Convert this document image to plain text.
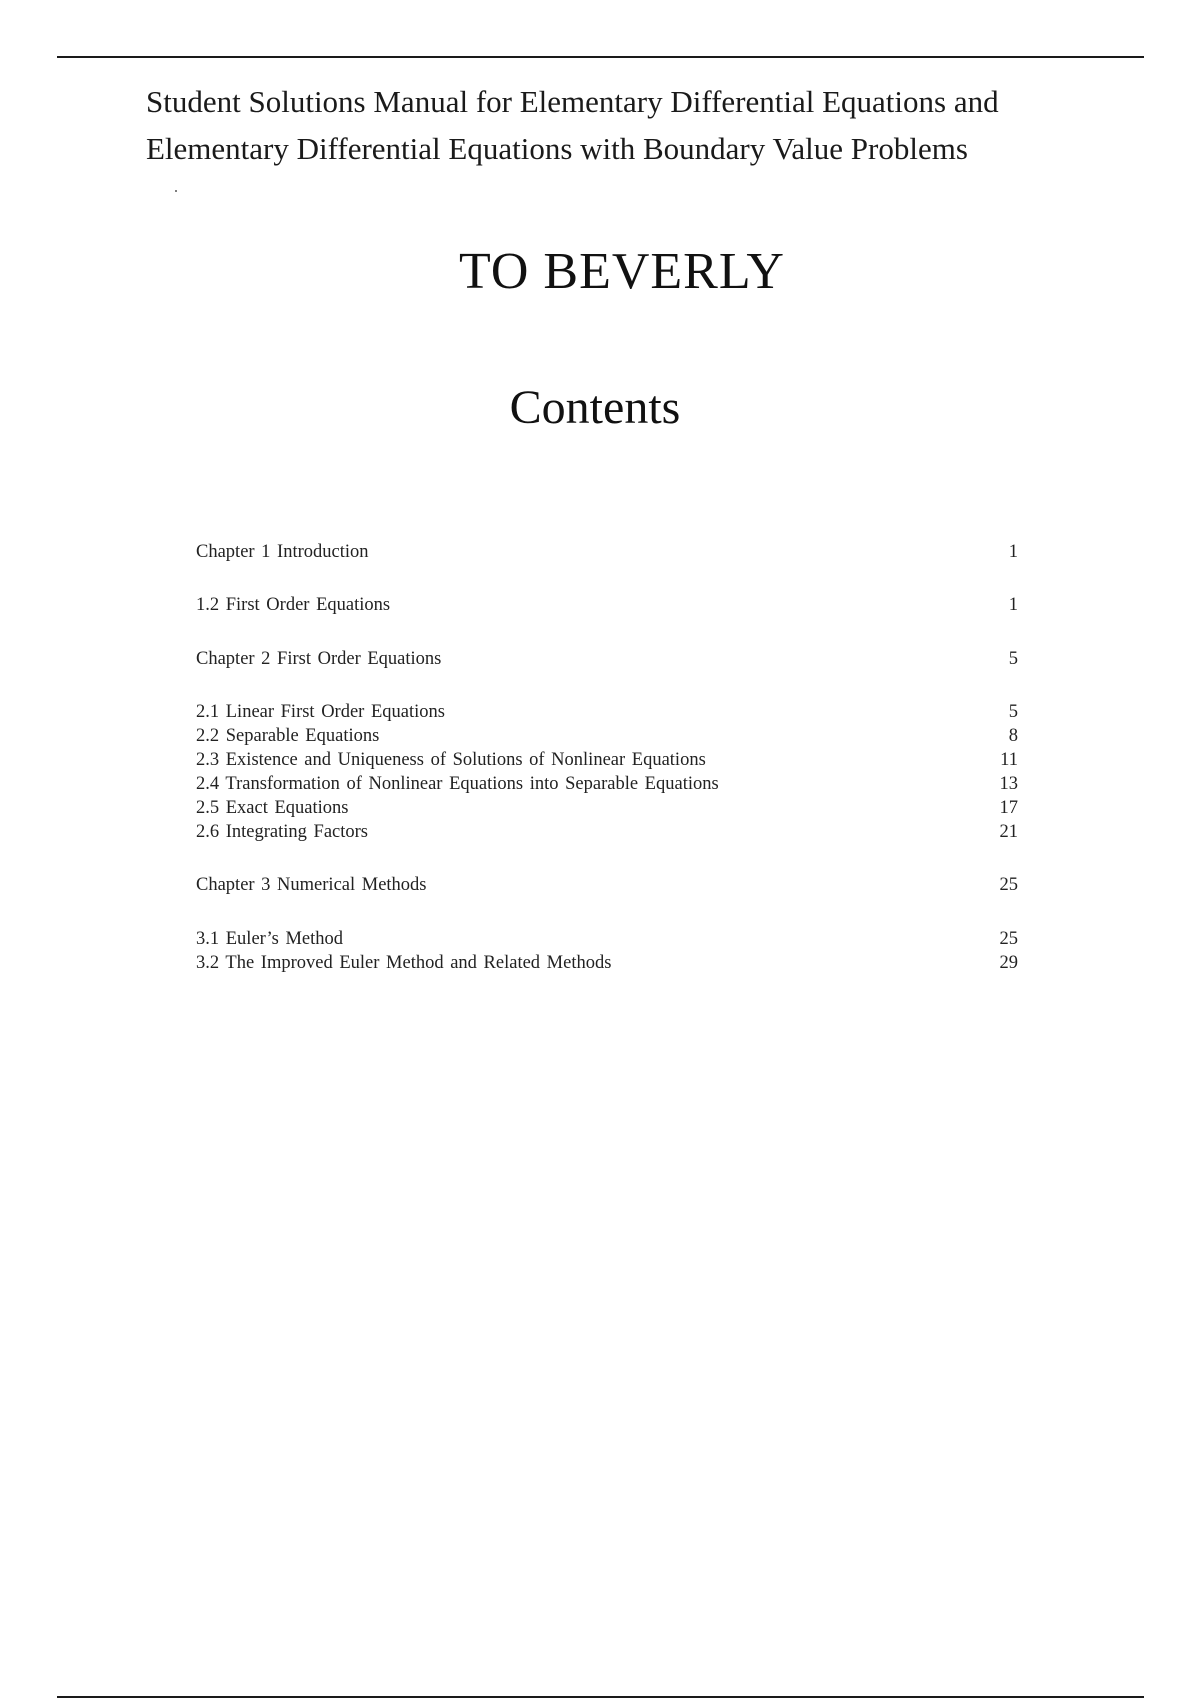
Student Solutions Manual for Elementary Differential Equations and
Elementary Differential Equations with Boundary Value Problems
TO BEVERLY
Contents
Chapter 1 Introduction	1
1.2 First Order Equations	1
Chapter 2 First Order Equations	5
2.1 Linear First Order Equations	5
2.2 Separable Equations	8
2.3 Existence and Uniqueness of Solutions of Nonlinear Equations	11
2.4 Transformation of Nonlinear Equations into Separable Equations	13
2.5 Exact Equations	17
2.6 Integrating Factors	21
Chapter 3 Numerical Methods	25
3.1 Euler’s Method	25
3.2 The Improved Euler Method and Related Methods	29
